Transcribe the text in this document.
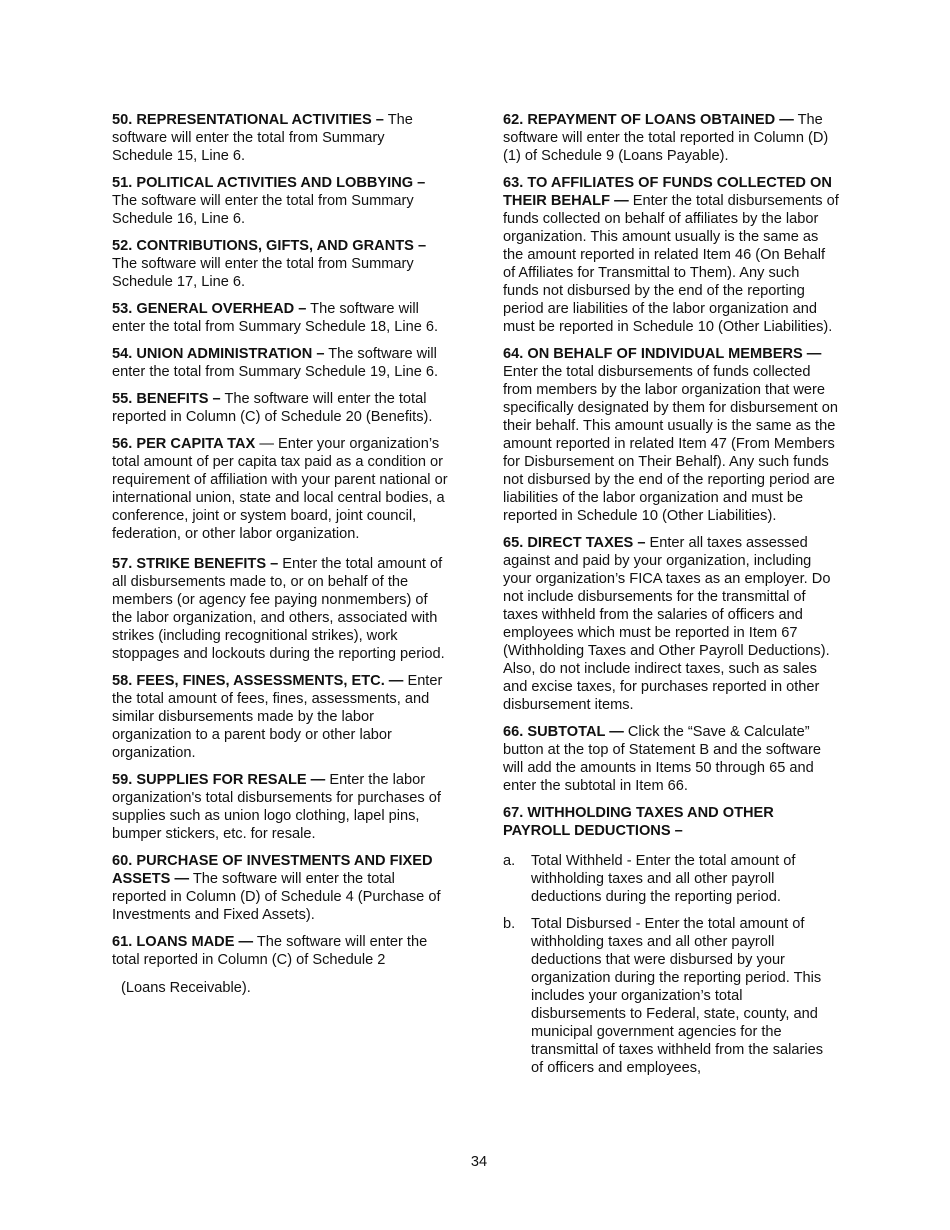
50. REPRESENTATIONAL ACTIVITIES – The software will enter the total from Summary Schedule 15, Line 6.

51. POLITICAL ACTIVITIES AND LOBBYING – The software will enter the total from Summary Schedule 16, Line 6.

52. CONTRIBUTIONS, GIFTS, AND GRANTS – The software will enter the total from Summary Schedule 17, Line 6.

53. GENERAL OVERHEAD – The software will enter the total from Summary Schedule 18, Line 6.

54. UNION ADMINISTRATION – The software will enter the total from Summary Schedule 19, Line 6.

55. BENEFITS – The software will enter the total reported in Column (C) of Schedule 20 (Benefits).

56. PER CAPITA TAX — Enter your organization’s total amount of per capita tax paid as a condition or requirement of affiliation with your parent national or international union, state and local central bodies, a conference, joint or system board, joint council, federation, or other labor organization.

57. STRIKE BENEFITS – Enter the total amount of all disbursements made to, or on behalf of the members (or agency fee paying nonmembers) of the labor organization, and others, associated with strikes (including recognitional strikes), work stoppages and lockouts during the reporting period.

58. FEES, FINES, ASSESSMENTS, ETC. — Enter the total amount of fees, fines, assessments, and similar disbursements made by the labor organization to a parent body or other labor organization.

59. SUPPLIES FOR RESALE — Enter the labor organization's total disbursements for purchases of supplies such as union logo clothing, lapel pins, bumper stickers, etc. for resale.

60. PURCHASE OF INVESTMENTS AND FIXED ASSETS — The software will enter the total reported in Column (D) of Schedule 4 (Purchase of Investments and Fixed Assets).

61. LOANS MADE — The software will enter the total reported in Column (C) of Schedule 2

(Loans Receivable).

62. REPAYMENT OF LOANS OBTAINED — The software will enter the total reported in Column (D)(1) of Schedule 9 (Loans Payable).

63. TO AFFILIATES OF FUNDS COLLECTED ON THEIR BEHALF — Enter the total disbursements of funds collected on behalf of affiliates by the labor organization. This amount usually is the same as the amount reported in related Item 46 (On Behalf of Affiliates for Transmittal to Them). Any such funds not disbursed by the end of the reporting period are liabilities of the labor organization and must be reported in Schedule 10 (Other Liabilities).

64. ON BEHALF OF INDIVIDUAL MEMBERS — Enter the total disbursements of funds collected from members by the labor organization that were specifically designated by them for disbursement on their behalf. This amount usually is the same as the amount reported in related Item 47 (From Members for Disbursement on Their Behalf). Any such funds not disbursed by the end of the reporting period are liabilities of the labor organization and must be reported in Schedule 10 (Other Liabilities).

65. DIRECT TAXES – Enter all taxes assessed against and paid by your organization, including your organization’s FICA taxes as an employer. Do not include disbursements for the transmittal of taxes withheld from the salaries of officers and employees which must be reported in Item 67 (Withholding Taxes and Other Payroll Deductions). Also, do not include indirect taxes, such as sales and excise taxes, for purchases reported in other disbursement items.

66. SUBTOTAL — Click the “Save & Calculate” button at the top of Statement B and the software will add the amounts in Items 50 through 65 and enter the subtotal in Item 66.

67. WITHHOLDING TAXES AND OTHER PAYROLL DEDUCTIONS –

a.	Total Withheld - Enter the total amount of withholding taxes and all other payroll deductions during the reporting period.
b.	Total Disbursed - Enter the total amount of withholding taxes and all other payroll deductions that were disbursed by your organization during the reporting period. This includes your organization’s total disbursements to Federal, state, county, and municipal government agencies for the transmittal of taxes withheld from the salaries of officers and employees,
34
